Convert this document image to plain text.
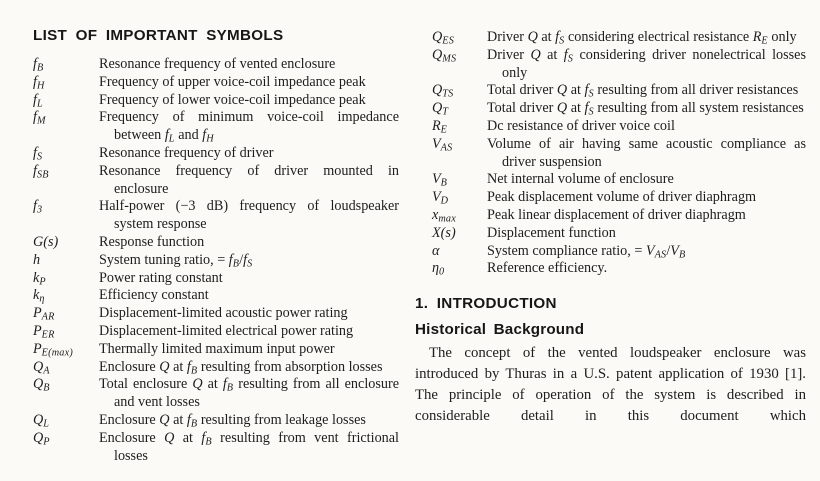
LIST OF IMPORTANT SYMBOLS
$f_B$	Resonance frequency of vented enclosure
$f_H$	Frequency of upper voice-coil impedance peak
$f_L$	Frequency of lower voice-coil impedance peak
$f_M$	Frequency of minimum voice-coil impedance between $f_L$ and $f_H$
$f_S$	Resonance frequency of driver
$f_{SB}$	Resonance frequency of driver mounted in enclosure
$f_3$	Half-power (−3 dB) frequency of loudspeaker system response
G(s)	Response function
h	System tuning ratio, = $f_B/f_S$
$k_P$	Power rating constant
$k_\eta$	Efficiency constant
$P_{AR}$	Displacement-limited acoustic power rating
$P_{ER}$	Displacement-limited electrical power rating
$P_{E(max)}$	Thermally limited maximum input power
$Q_A$	Enclosure Q at $f_B$ resulting from absorption losses
$Q_B$	Total enclosure Q at $f_B$ resulting from all enclosure and vent losses
$Q_L$	Enclosure Q at $f_B$ resulting from leakage losses
$Q_P$	Enclosure Q at $f_B$ resulting from vent frictional losses
$Q_{ES}$	Driver Q at $f_S$ considering electrical resistance $R_E$ only
$Q_{MS}$	Driver Q at $f_S$ considering driver nonelectrical losses only
$Q_{TS}$	Total driver Q at $f_S$ resulting from all driver resistances
$Q_T$	Total driver Q at $f_S$ resulting from all system resistances
$R_E$	Dc resistance of driver voice coil
$V_{AS}$	Volume of air having same acoustic compliance as driver suspension
$V_B$	Net internal volume of enclosure
$V_D$	Peak displacement volume of driver diaphragm
$x_{max}$	Peak linear displacement of driver diaphragm
X(s)	Displacement function
α	System compliance ratio, = $V_{AS}/V_B$
$\eta_0$	Reference efficiency.
1. INTRODUCTION
Historical Background

The concept of the vented loudspeaker enclosure was introduced by Thuras in a U.S. patent application of 1930 [1]. The principle of operation of the system is described in considerable detail in this document which
